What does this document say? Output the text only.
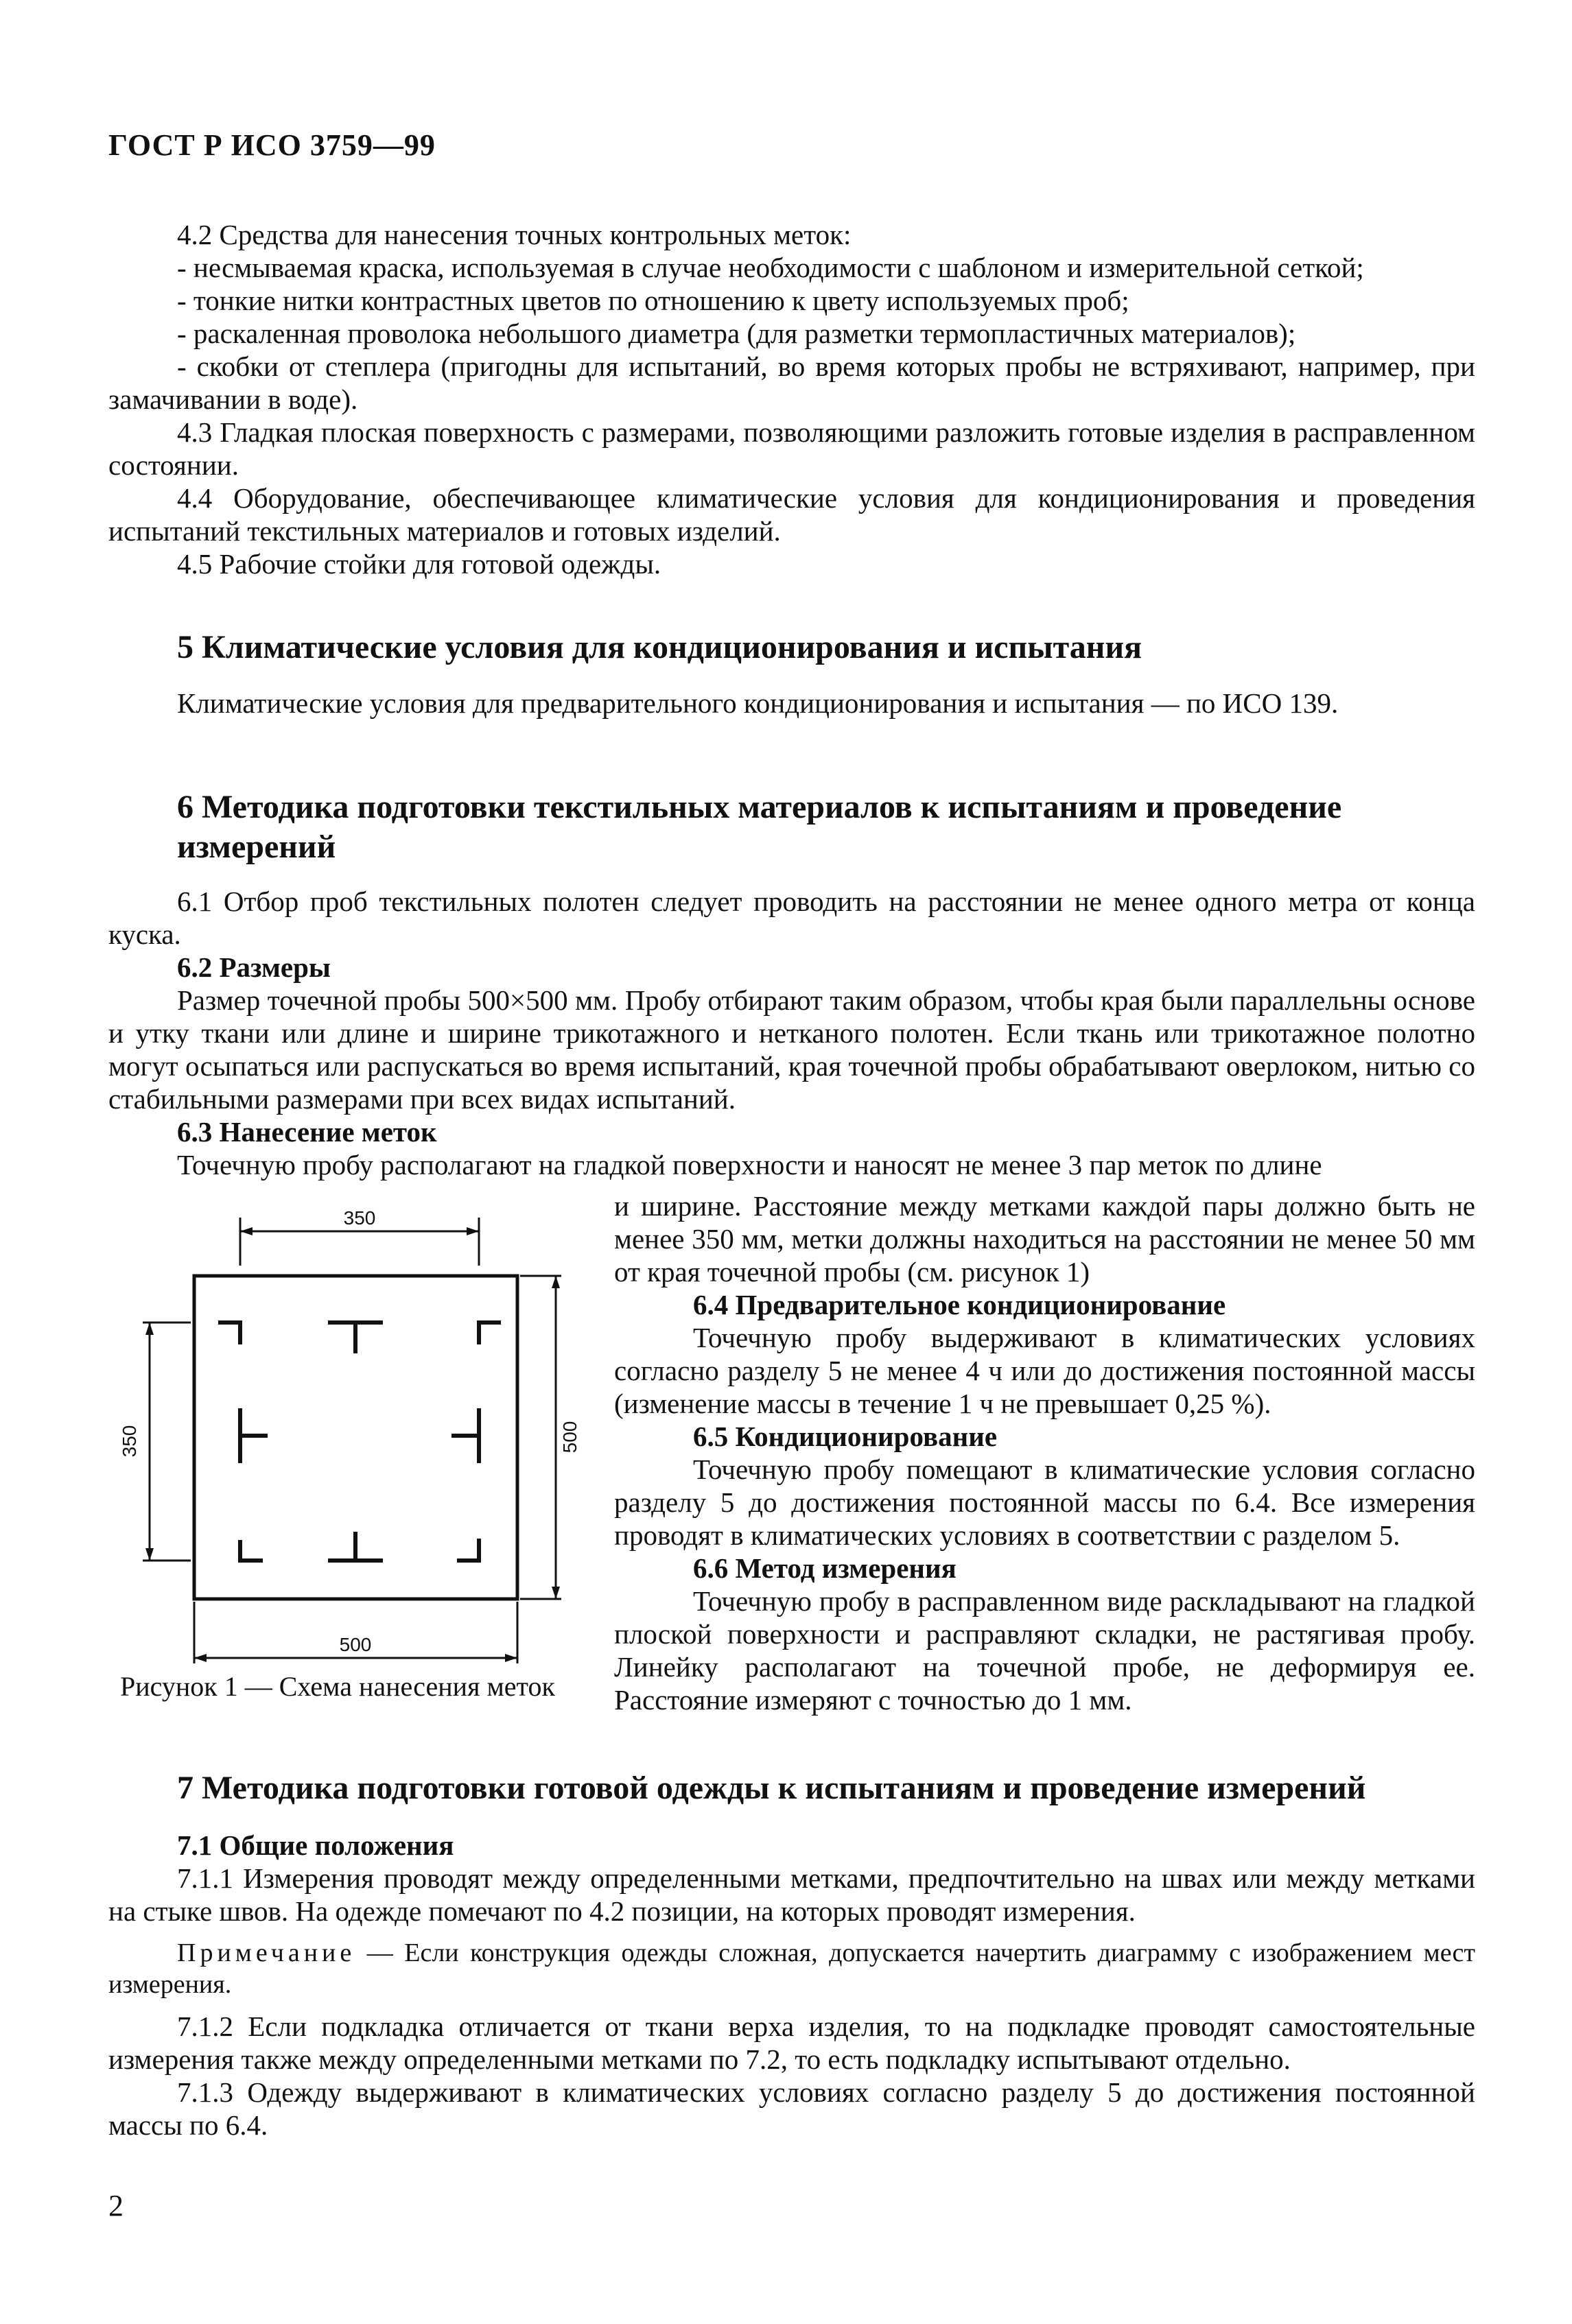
ГОСТ Р ИСО 3759—99

4.2 Средства для нанесения точных контрольных меток:

- несмываемая краска, используемая в случае необходимости с шаблоном и измерительной сеткой;

- тонкие нитки контрастных цветов по отношению к цвету используемых проб;

- раскаленная проволока небольшого диаметра (для разметки термопластичных материалов);

- скобки от степлера (пригодны для испытаний, во время которых пробы не встряхивают, например, при замачивании в воде).

4.3 Гладкая плоская поверхность с размерами, позволяющими разложить готовые изделия в расправленном состоянии.

4.4 Оборудование, обеспечивающее климатические условия для кондиционирования и проведения испытаний текстильных материалов и готовых изделий.

4.5 Рабочие стойки для готовой одежды.

5 Климатические условия для кондиционирования и испытания

Климатические условия для предварительного кондиционирования и испытания — по ИСО 139.

6 Методика подготовки текстильных материалов к испытаниям и проведение измерений

6.1 Отбор проб текстильных полотен следует проводить на расстоянии не менее одного метра от конца куска.

6.2 Размеры

Размер точечной пробы 500×500 мм. Пробу отбирают таким образом, чтобы края были параллельны основе и утку ткани или длине и ширине трикотажного и нетканого полотен. Если ткань или трикотажное полотно могут осыпаться или распускаться во время испытаний, края точечной пробы обрабатывают оверлоком, нитью со стабильными размерами при всех видах испытаний.

6.3 Нанесение меток

Точечную пробу располагают на гладкой поверхности и наносят не менее 3 пар меток по длине

350
350	500
500
Рисунок 1 — Схема нанесения меток

и ширине. Расстояние между метками каждой пары должно быть не менее 350 мм, метки должны находиться на расстоянии не менее 50 мм от края точечной пробы (см. рисунок 1)

6.4 Предварительное кондиционирование

Точечную пробу выдерживают в климатических условиях согласно разделу 5 не менее 4 ч или до достижения постоянной массы (изменение массы в течение 1 ч не превышает 0,25 %).

6.5 Кондиционирование

Точечную пробу помещают в климатические условия согласно разделу 5 до достижения постоянной массы по 6.4. Все измерения проводят в климатических условиях в соответствии с разделом 5.

6.6 Метод измерения

Точечную пробу в расправленном виде раскладывают на гладкой плоской поверхности и расправляют складки, не растягивая пробу. Линейку располагают на точечной пробе, не деформируя ее. Расстояние измеряют с точностью до 1 мм.

7 Методика подготовки готовой одежды к испытаниям и проведение измерений

7.1 Общие положения

7.1.1 Измерения проводят между определенными метками, предпочтительно на швах или между метками на стыке швов. На одежде помечают по 4.2 позиции, на которых проводят измерения.

Примечание — Если конструкция одежды сложная, допускается начертить диаграмму с изображением мест измерения.

7.1.2 Если подкладка отличается от ткани верха изделия, то на подкладке проводят самостоятельные измерения также между определенными метками по 7.2, то есть подкладку испытывают отдельно.

7.1.3 Одежду выдерживают в климатических условиях согласно разделу 5 до достижения постоянной массы по 6.4.

2
